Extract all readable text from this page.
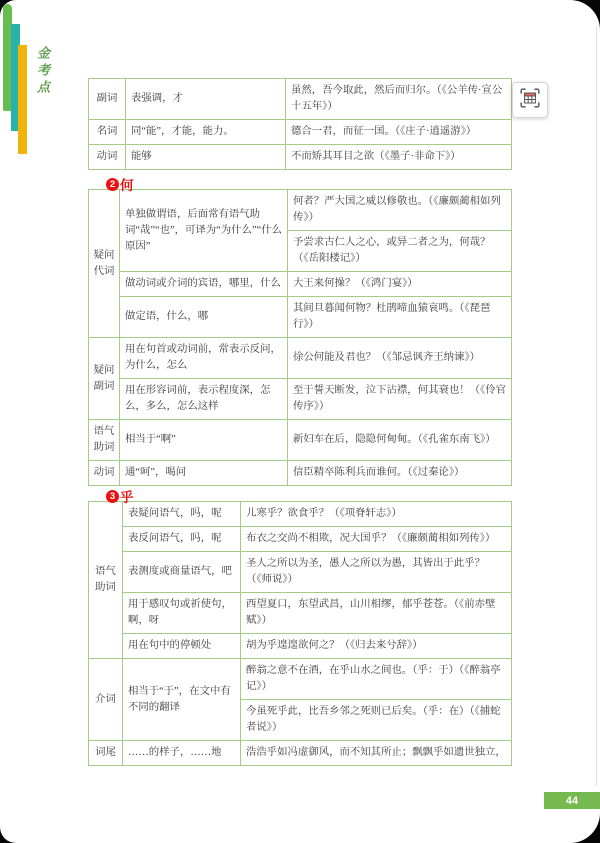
金考点
副词	表强调，才	虽然，吾今取此，然后而归尔。（《公羊传·宣公十五年》）
名词	同“能”，才能，能力。	德合一君，而征一国。（《庄子·逍遥游》）
动词	能够	不而矫其耳目之欲（《墨子·非命下》）
2 何
疑问代词	单独做谓语，后面常有语气助词“哉”“也”，可译为“为什么”“什么原因”	何者？严大国之威以修敬也。（《廉颇蔺相如列传》）
		予尝求古仁人之心，或异二者之为，何哉？（《岳阳楼记》）
	做动词或介词的宾语，哪里，什么	大王来何操？（《鸿门宴》）
	做定语，什么，哪	其间旦暮闻何物？杜鹃啼血猿哀鸣。（《琵琶行》）
疑问副词	用在句首或动词前，常表示反问，为什么，怎么	徐公何能及君也？（《邹忌讽齐王纳谏》）
	用在形容词前，表示程度深，怎么，多么，怎么这样	至于誓天断发，泣下沾襟，何其衰也！（《伶官传序》）
语气助词	相当于“啊”	新妇车在后，隐隐何甸甸。（《孔雀东南飞》）
动词	通“呵”，喝问	信臣精卒陈利兵而谁何。（《过秦论》）
3 乎
语气助词	表疑问语气，吗，呢	儿寒乎？欲食乎？（《项脊轩志》）
	表反问语气，吗，呢	布衣之交尚不相欺，况大国乎？（《廉颇蔺相如列传》）
	表测度或商量语气，吧	圣人之所以为圣，愚人之所以为愚，其皆出于此乎？（《师说》）
	用于感叹句或祈使句，啊，呀	西望夏口，东望武昌，山川相缪，郁乎苍苍。（《前赤壁赋》）
	用在句中的停顿处	胡为乎遑遑欲何之？（《归去来兮辞》）
介词	相当于“于”，在文中有不同的翻译	醉翁之意不在酒，在乎山水之间也。（乎：于）（《醉翁亭记》）
		今虽死乎此，比吾乡邻之死则已后矣。（乎：在）（《捕蛇者说》）
词尾	……的样子，……地	浩浩乎如冯虚御风，而不知其所止；飘飘乎如遗世独立，
44
